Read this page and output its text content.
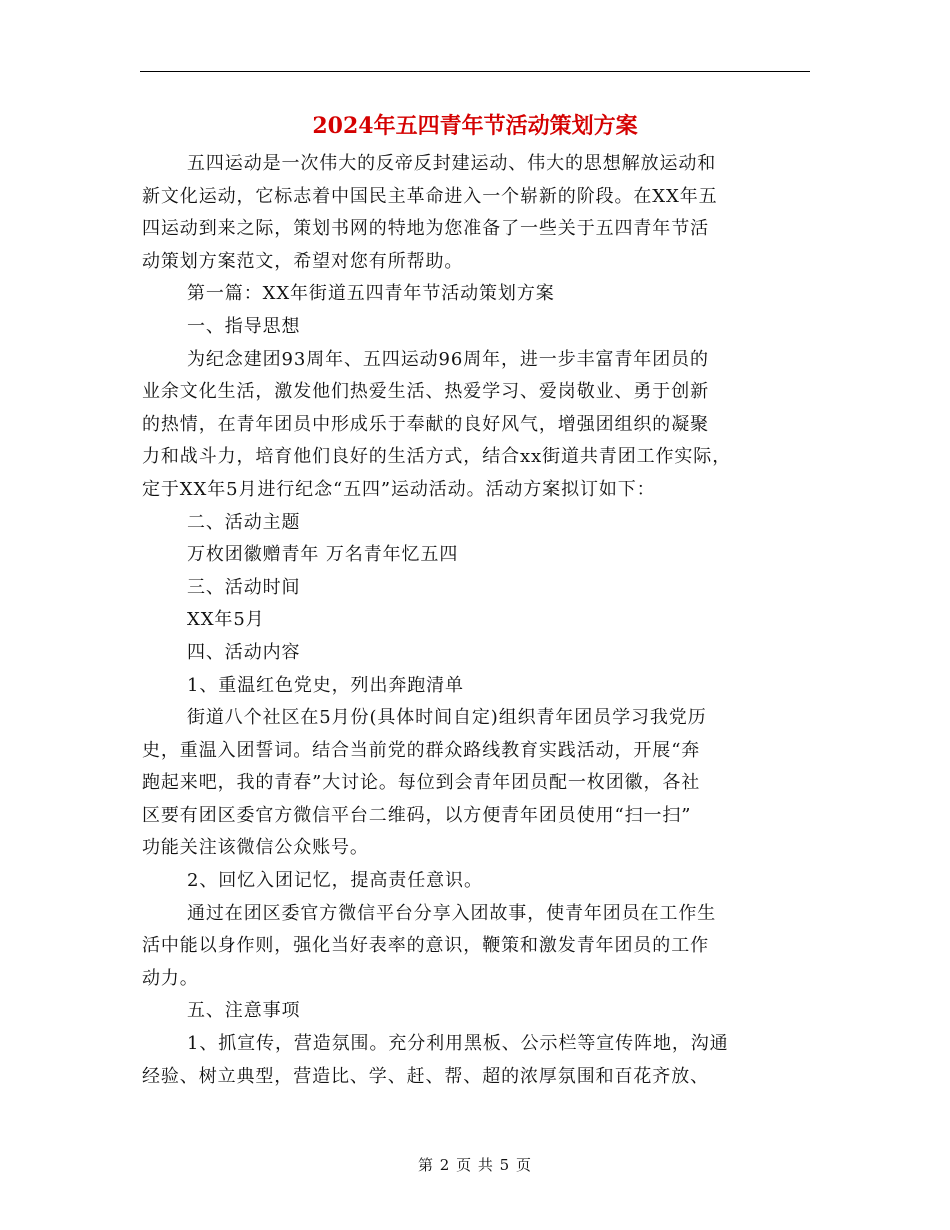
2024年五四青年节活动策划方案

五四运动是一次伟大的反帝反封建运动、伟大的思想解放运动和

新文化运动，它标志着中国民主革命进入一个崭新的阶段。在XX年五

四运动到来之际，策划书网的特地为您准备了一些关于五四青年节活

动策划方案范文，希望对您有所帮助。

第一篇：XX年街道五四青年节活动策划方案

一、指导思想

为纪念建团93周年、五四运动96周年，进一步丰富青年团员的

业余文化生活，激发他们热爱生活、热爱学习、爱岗敬业、勇于创新

的热情，在青年团员中形成乐于奉献的良好风气，增强团组织的凝聚

力和战斗力，培育他们良好的生活方式，结合xx街道共青团工作实际，

定于XX年5月进行纪念“五四”运动活动。活动方案拟订如下：

二、活动主题

万枚团徽赠青年 万名青年忆五四

三、活动时间

XX年5月

四、活动内容

1、重温红色党史，列出奔跑清单

街道八个社区在5月份(具体时间自定)组织青年团员学习我党历

史，重温入团誓词。结合当前党的群众路线教育实践活动，开展“奔

跑起来吧，我的青春”大讨论。每位到会青年团员配一枚团徽，各社

区要有团区委官方微信平台二维码，以方便青年团员使用“扫一扫”

功能关注该微信公众账号。

2、回忆入团记忆，提高责任意识。

通过在团区委官方微信平台分享入团故事，使青年团员在工作生

活中能以身作则，强化当好表率的意识，鞭策和激发青年团员的工作

动力。

五、注意事项

1、抓宣传，营造氛围。充分利用黑板、公示栏等宣传阵地，沟通

经验、树立典型，营造比、学、赶、帮、超的浓厚氛围和百花齐放、

第 2 页 共 5 页
